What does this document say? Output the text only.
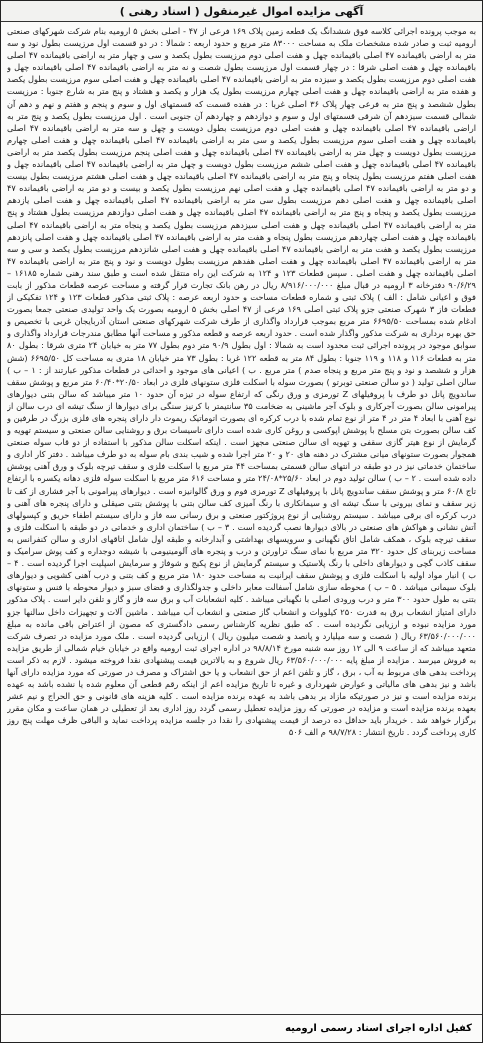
آگهی مزایده اموال غیرمنقول ( اسناد رهنی )

به موجب پرونده اجرائی کلاسه فوق ششدانگ یک قطعه زمین پلاک ۱۶۹ فرعی از ۴۷ - اصلی بخش ۵ ارومیه بنام شرکت شهرکهای صنعتی ارومیه ثبت و صادر شده مشخصات ملک به مساحت ۸۳۰۰۰ متر مربع و حدود اربعه : شمالا : در دو قسمت اول مرزیست بطول نود و سه متر به اراضی باقیمانده ۴۷ اصلی باقیمانده چهل و هفت اصلی دوم مرزیست بطول یکصد و سی و چهار متر به اراضی باقیمانده ۴۷ اصلی باقیمانده چهل و هفت اصلی شرقا : در چهار قسمت اول مرزیست بطول شصت و نه متر به اراضی باقیمانده ۴۷ اصلی باقیمانده چهل و هفت اصلی دوم مرزیست بطول یکصد و سیزده متر به اراضی باقیمانده ۴۷ اصلی باقیمانده چهل و هفت اصلی سوم مرزیست بطول یکصد و هفده متر به اراضی باقیمانده چهل و هفت اصلی چهارم مرزیست بطول یک هزار و یکصد و هشتاد و پنج متر به شارع جنوبا : مرزیست بطول ششصد و پنج متر به فرعی چهار پلاک ۳۶ اصلی غربا : در هفده قسمت که قسمتهای اول و سوم و پنجم و هفتم و نهم و دهم آن شمالی قسمت سیزدهم آن شرقی قسمتهای اول و سوم و دوازدهم و چهاردهم آن جنوبی است . اول مرزیست بطول یکصد و پنج متر به اراضی باقیمانده ۴۷ اصلی باقیمانده چهل و هفت اصلی دوم مرزیست بطول دویست و چهل و سه متر به اراضی باقیمانده ۴۷ اصلی باقیمانده چهل و هفت اصلی سوم مرزیست بطول یکصد و سی متر به اراضی باقیمانده ۴۷ اصلی باقیمانده چهل و هفت اصلی چهارم مرزیست بطول دویست و چهل متر به اراضی باقیمانده ۴۷ اصلی باقیمانده چهل و هفت اصلی پنجم مرزیست بطول یکصد متر به اراضی باقیمانده ۴۷ اصلی باقیمانده چهل و هفت اصلی ششم مرزیست بطول دویست و چهل متر به اراضی باقیمانده ۴۷ اصلی باقیمانده چهل و هفت اصلی هفتم مرزیست بطول پنجاه و پنج متر به اراضی باقیمانده ۴۷ اصلی باقیمانده چهل و هفت اصلی هشتم مرزیست بطول بیست و دو متر به اراضی باقیمانده ۴۷ اصلی باقیمانده چهل و هفت اصلی نهم مرزیست بطول یکصد و بیست و دو متر به اراضی باقیمانده ۴۷ اصلی باقیمانده چهل و هفت اصلی دهم مرزیست بطول سی متر به اراضی باقیمانده ۴۷ اصلی باقیمانده چهل و هفت اصلی یازدهم مرزیست بطول یکصد و پنجاه و پنج متر به اراضی باقیمانده ۴۷ اصلی باقیمانده چهل و هفت اصلی دوازدهم مرزیست بطول هشتاد و پنج متر به اراضی باقیمانده ۴۷ اصلی باقیمانده چهل و هفت اصلی سیزدهم مرزیست بطول یکصد و پنجاه متر به اراضی باقیمانده ۴۷ اصلی باقیمانده چهل و هفت اصلی چهاردهم مرزیست بطول پنجاه و هفت متر به اراضی باقیمانده ۴۷ اصلی باقیمانده چهل و هفت اصلی پانزدهم مرزیست بطول یکصد و هفت متر به اراضی باقیمانده ۴۷ اصلی باقیمانده چهل و هفت اصلی شانزدهم مرزیست بطول یکصد و سی و سه متر به اراضی باقیمانده ۴۷ اصلی باقیمانده چهل و هفت اصلی هفدهم مرزیست بطول دویست و نود و پنج متر به اراضی باقیمانده ۴۷ اصلی باقیمانده چهل و هفت اصلی . سپس قطعات ۱۲۳ و ۱۲۴ به شرکت این راه منتقل شده است و طبق سند رهنی شماره ۱۶۱۸۵ – ۹۰/۶/۲۹ دفترخانه ۳ ارومیه در قبال مبلغ ۸/۹۱۶/۰۰۰/۰۰۰ ریال در رهن بانک تجارت قرار گرفته و مساحت عرصه قطعات مذکور از بابت فوق و اعیانی شامل : الف ) پلاک ثبتی و شماره قطعات مساحت و حدود اربعه عرصه : پلاک ثبتی مذکور قطعات ۱۲۳ و ۱۲۴ تفکیکی از قطعات فاز ۳ شهرک صنعتی جزو پلاک ثبتی اصلی ۱۶۹ فرعی از ۴۷ اصلی بخش ۵ ارومیه بصورت یک واحد تولیدی صنعتی جمعا بصورت ادغام شده بمساحت ۶۶۹۵/۵۰ متر مربع بموجب قرارداد واگذاری از طرف شرکت شهرکهای صنعتی استان آذربایجان غربی با تخصیص و حق بهره برداری به شرکت مذکور واگذار شده است . حدود اربعه عرصه و قطعه مذکور و مساحت آنها مطابق مندرجات قرارداد واگذاری و سوابق موجود در پرونده اجرائی ثبت محدود است به شمالا : اول بطول ۹۰/۹ متر دوم بطول ۷۷ متر به خیابان ۲۴ متری شرقا : بطول ۸۰ متر به قطعات ۱۱۶ و ۱۱۸ و ۱۱۹ جنوبا : بطول ۸۴ متر به قطعه ۱۲۲ غربا : بطول ۷۳ متر خیابان ۱۸ متری به مساحت کل ۶۶۹۵/۵۰ (شش هزار و ششصد و نود و پنج متر مربع و پنجاه صدم ) متر مربع . ب ) اعیانی های موجود و احداثی در قطعات مذکور عبارتند از : ۱ – ب ) سالن اصلی تولید ( دو سالن صنعتی توبرتو ) بصورت سوله با اسکلت فلزی ستونهای فلزی در ابعاد ۲۰/۵۰*۶۰/۴۰ متر مربع و پوشش سقف ساندویچ پانل دو طرف با پروفیلهای Z تورمزی و ورق رنگی که ارتفاع سوله در تیزه آن حدود ۱۰ متر میباشد که سالن بتنی دیوارهای پیرامونی سالن بصورت آجرکاری و بلوک آجر ماشینی به ضخامت ۳۵ سانتیمتر با کرنیز سنگی برای دیوارها از سنگ تیشه ای درب سالن از نوع آهنی با ابعاد ۴ متر در ۴ متر از نوع تمام شده با درب کرکره ای بصورت اتوماتیک ریموت دار دارای پنجره های فلزی بزرگ در طرفین و کف سالن بصورت بتن مسلح با پوشش اپوکسی و روغن کاری شده است دارای تاسیسات برق و روشنایی سالن صنعتی و سیستم تهویه و گرمایش از نوع هیتر گازی سقفی و تهویه ای سالن صنعتی مجهز است . اینکه اسکلت سالن مذکور با استفاده از دو قاب سوله صنعتی همجوار بصورت ستونهای میانی مشترک در دهنه های ۲۰ و ۲۰ متر اجرا شده و شیب بندی بام سوله به دو طرف میباشد . دفتر کار اداری و ساختمان خدماتی نیز در دو طبقه در انتهای سالن قسمتی بمساحت ۴۴ متر مربع با اسکلت فلزی و سقف تیرچه بلوک و ورق آهنی پوشش داده شده است . ۲ – ب ) سالن تولید دوم در ابعاد ۲۵/۶۰*۲۴/۰۸ متر و مساحت ۶۱۶ متر مربع با اسکلت سوله فلزی دهانه یکسره با ارتفاع تاج ۶۰/۸ متر و پوشش سقف ساندویچ پانل با پروفیلهای Z تورمزی فوم و ورق گالوانیزه است . دیوارهای پیرامونی با آجر فشاری از کف تا زیر سقف و نمای بیرونی با سنگ تیشه ای و سیمانکاری با رنگ آمیزی کف سالن بتنی با پوشش بتنی صیقلی و دارای پنجره های آهنی و درب کرکره ای برقی میباشد . سیستم روشنایی از نوع پروژکتور صنعتی و برق رسانی سه فاز و دارای سیستم اطفاء حریق و کپسولهای آتش نشانی و هواکش های صنعتی در بالای دیوارها نصب گردیده است . ۳ – ب ) ساختمان اداری و خدماتی در دو طبقه با اسکلت فلزی و سقف تیرچه بلوک ، همکف شامل اتاق نگهبانی و سرویسهای بهداشتی و آبدارخانه و طبقه اول شامل اتاقهای اداری و سالن کنفرانس به مساحت زیربنای کل حدود ۳۲۰ متر مربع با نمای سنگ تراورتن و درب و پنجره های آلومینیومی با شیشه دوجداره و کف پوش سرامیک و سقف کاذب گچی و دیوارهای داخلی با رنگ پلاستیک و سیستم گرمایش از نوع پکیج و شوفاژ و سرمایش اسپلیت اجرا گردیده است . ۴ – ب ) انبار مواد اولیه با اسکلت فلزی و پوشش سقف ایرانیت به مساحت حدود ۱۸۰ متر مربع و کف بتنی و درب آهنی کشویی و دیوارهای بلوک سیمانی میباشد . ۵ – ب ) محوطه سازی شامل آسفالت معابر داخلی و جدولگذاری و فضای سبز و دیوار محوطه با فنس و ستونهای بتنی به طول حدود ۳۰۰ متر و درب ورودی اصلی با نگهبانی میباشد . کلیه انشعابات آب و برق سه فاز و گاز و تلفن دایر است . پلاک مذکور دارای امتیاز انشعاب برق به قدرت ۲۵۰ کیلووات و انشعاب گاز صنعتی و انشعاب آب میباشد . ماشین آلات و تجهیزات داخل سالنها جزو مورد مزایده نبوده و ارزیابی نگردیده است . که طبق نظریه کارشناس رسمی دادگستری که مصون از اعتراض باقی مانده به مبلغ ۶۳/۵۶۰/۰۰۰/۰۰۰ ریال ( شصت و سه میلیارد و پانصد و شصت میلیون ریال ) ارزیابی گردیده است . ملک مورد مزایده در تصرف شرکت متعهد میباشد که از ساعت ۹ الی ۱۲ روز سه شنبه مورخ ۹۸/۸/۱۴ در اداره اجرای ثبت ارومیه واقع در خیابان خیام شمالی از طریق مزایده به فروش میرسد . مزایده از مبلغ پایه ۶۳/۵۶۰/۰۰۰/۰۰۰ ریال شروع و به بالاترین قیمت پیشنهادی نقدا فروخته میشود . لازم به ذکر است پرداخت بدهی های مربوط به آب ، برق ، گاز و تلفن اعم از حق انشعاب و یا حق اشتراک و مصرف در صورتی که مورد مزایده دارای آنها باشد و نیز بدهی های مالیاتی و عوارض شهرداری و غیره تا تاریخ مزایده اعم از اینکه رقم قطعی آن معلوم شده یا نشده باشد به عهده برنده مزایده است و نیز در صورتیکه مازاد بر بدهی باشد به عهده برنده مزایده است . کلیه هزینه های قانونی و حق الحراج و نیم عشر بعهده برنده مزایده است و مزایده در صورتی که روز مزایده تعطیل رسمی گردد روز اداری بعد از تعطیلی در همان ساعت و مکان مقرر برگزار خواهد شد . خریدار باید حداقل ده درصد از قیمت پیشنهادی را نقدا در جلسه مزایده پرداخت نماید و الباقی ظرف مهلت پنج روز کاری پرداخت گردد . تاریخ انتشار : ۹۸/۷/۲۸ م الف ۵۰۶

کفیل اداره اجرای اسناد رسمی ارومیه
